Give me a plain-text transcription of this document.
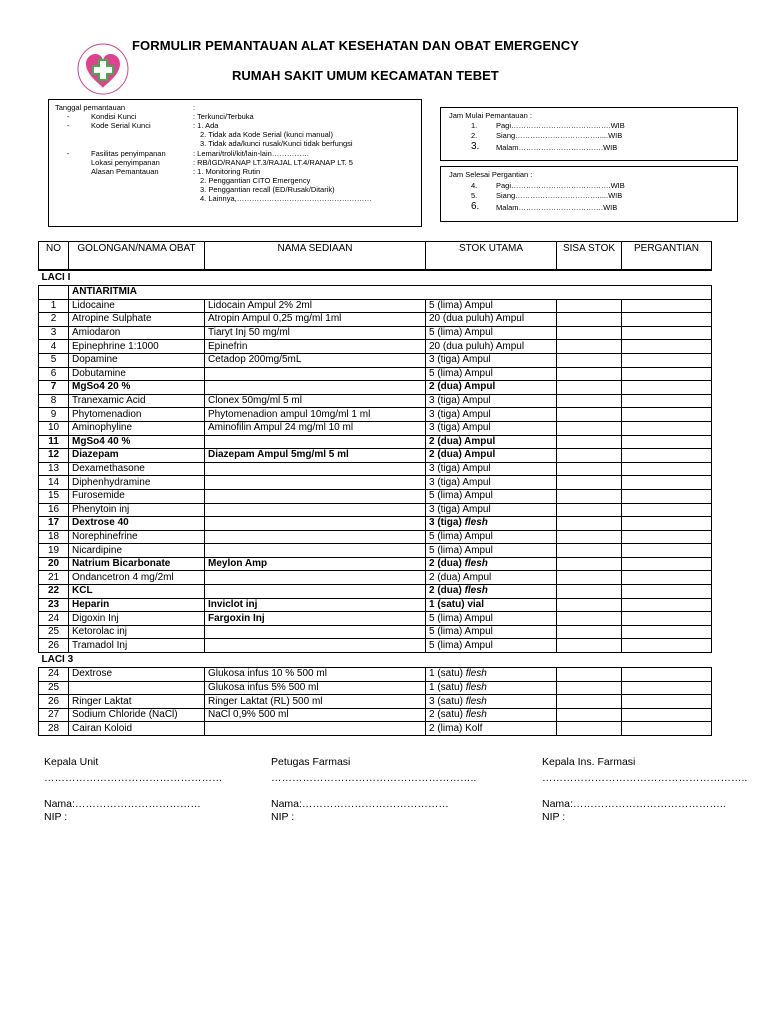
FORMULIR PEMANTAUAN ALAT KESEHATAN DAN OBAT EMERGENCY
RUMAH SAKIT UMUM KECAMATAN TEBET
Tanggal pemantauan	:
-	Kondisi Kunci	: Terkunci/Terbuka
-	Kode Serial Kunci	: 1. Ada
2. Tidak ada Kode Serial (kunci manual)
3. Tidak ada/kunci rusak/Kunci tidak berfungsi
-	Fasilitas penyimpanan	: Lemari/troli/kit/lain-lain……………
Lokasi penyimpanan	: RB/IGD/RANAP LT.3/RAJAL LT.4/RANAP LT. 5
Alasan Pemantauan	: 1. Monitoring Rutin
2. Penggantian CITO Emergency
3. Penggantian recall (ED/Rusak/Ditarik)
4. Lainnya,………………………………………………
Jam Mulai Pemantauan :
1. Pagi………………………………….WIB
2. Siang…………………………….....WIB
3. Malam…………………………….WIB
Jam Selesai Pergantian :
4. Pagi………………………………….WIB
5. Siang…………………………….....WIB
6. Malam…………………………….WIB
NO	GOLONGAN/NAMA OBAT	NAMA SEDIAAN	STOK UTAMA	SISA STOK	PERGANTIAN
LACI I					
	ANTIARITMIA				
1	Lidocaine	Lidocain Ampul 2% 2ml	5 (lima) Ampul		
2	Atropine Sulphate	Atropin Ampul 0,25 mg/ml 1ml	20 (dua puluh) Ampul		
3	Amiodaron	Tiaryt Inj 50 mg/ml	5 (lima) Ampul		
4	Epinephrine 1:1000	Epinefrin	20 (dua puluh) Ampul		
5	Dopamine	Cetadop 200mg/5mL	3 (tiga) Ampul		
6	Dobutamine		5 (lima) Ampul		
7	MgSo4 20 %		2 (dua) Ampul		
8	Tranexamic Acid	Clonex 50mg/ml 5 ml	3 (tiga) Ampul		
9	Phytomenadion	Phytomenadion ampul 10mg/ml 1 ml	3 (tiga) Ampul		
10	Aminophyline	Aminofilin Ampul 24 mg/ml 10 ml	3 (tiga) Ampul		
11	MgSo4 40 %		2 (dua) Ampul		
12	Diazepam	Diazepam Ampul 5mg/ml 5 ml	2 (dua) Ampul		
13	Dexamethasone		3 (tiga) Ampul		
14	Diphenhydramine		3 (tiga) Ampul		
15	Furosemide		5 (lima) Ampul		
16	Phenytoin inj		3 (tiga) Ampul		
17	Dextrose 40		3 (tiga) flesh		
18	Norephinefrine		5 (lima) Ampul		
19	Nicardipine		5 (lima) Ampul		
20	Natrium Bicarbonate	Meylon Amp	2 (dua) flesh		
21	Ondancetron 4 mg/2ml		2 (dua) Ampul		
22	KCL		2 (dua) flesh		
23	Heparin	Inviclot inj	1 (satu) vial		
24	Digoxin Inj	Fargoxin Inj	5 (lima) Ampul		
25	Ketorolac inj		5 (lima) Ampul		
26	Tramadol Inj		5 (lima) Ampul		
LACI 3					
24	Dextrose	Glukosa infus 10 % 500 ml	1 (satu) flesh		
25		Glukosa infus 5% 500 ml	1 (satu) flesh		
26	Ringer Laktat	Ringer Laktat (RL) 500 ml	3 (satu) flesh		
27	Sodium Chloride (NaCl)	NaCl 0,9% 500 ml	2 (satu) flesh		
28	Cairan Koloid		2 (lima) Kolf		
Kepala Unit
……………………………………………
Nama:………………………………
NIP :
Petugas Farmasi
…………………………………………………..
Nama:……………………………………
NIP :
Kepala Ins. Farmasi
…………………………………………………..
Nama:……………………………………..
NIP :
